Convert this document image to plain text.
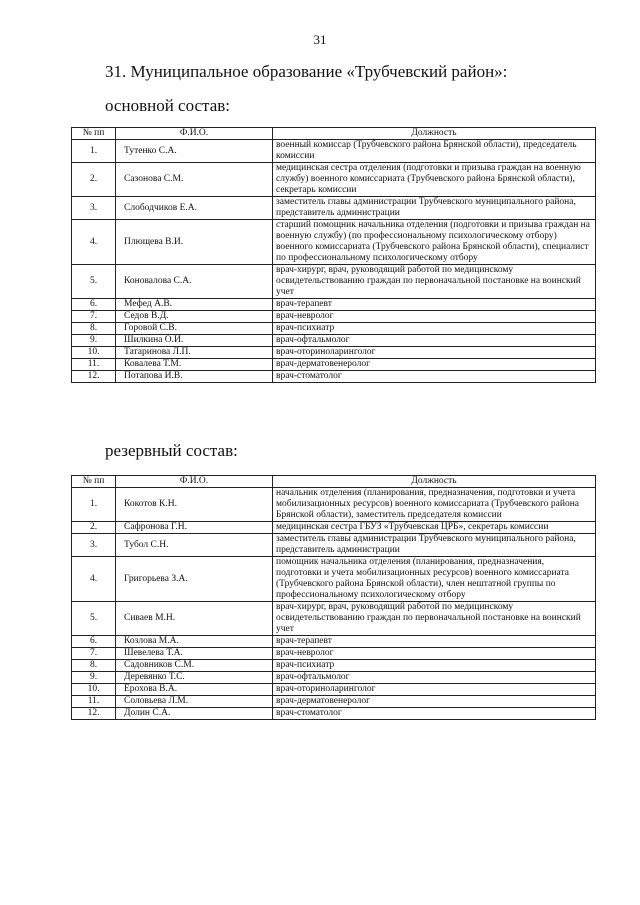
31
31. Муниципальное образование «Трубчевский район»:
основной состав:
№ пп	Ф.И.О.	Должность
1.	Тутенко С.А.	военный комиссар (Трубчевского района Брянской области), председатель комиссии
2.	Сазонова С.М.	медицинская сестра отделения (подготовки и призыва граждан на военную службу) военного комиссариата (Трубчевского района Брянской области), секретарь комиссии
3.	Слободчиков Е.А.	заместитель главы администрации Трубчевского муниципального района, представитель администрации
4.	Плющева В.И.	старший помощник начальника отделения (подготовки и призыва граждан на военную службу) (по профессиональному психологическому отбору) военного комиссариата (Трубчевского района Брянской области), специалист по профессиональному психологическому отбору
5.	Коновалова С.А.	врач-хирург, врач, руководящий работой по медицинскому освидетельствованию граждан по первоначальной постановке на воинский учет
6.	Мефед А.В.	врач-терапевт
7.	Седов В.Д.	врач-невролог
8.	Горовой С.В.	врач-психиатр
9.	Шилкина О.И.	врач-офтальмолог
10.	Татаринова Л.П.	врач-оториноларинголог
11.	Ковалева Т.М.	врач-дерматовенеролог
12.	Потапова И.В.	врач-стоматолог
резервный состав:
№ пп	Ф.И.О.	Должность
1.	Кокотов К.Н.	начальник отделения (планирования, предназначения, подготовки и учета мобилизационных ресурсов) военного комиссариата (Трубчевского района Брянской области), заместитель председателя комиссии
2.	Сафронова Г.Н.	медицинская сестра ГБУЗ «Трубчевская ЦРБ», секретарь комиссии
3.	Тубол С.Н.	заместитель главы администрации Трубчевского муниципального района, представитель администрации
4.	Григорьева З.А.	помощник начальника отделения (планирования, предназначения, подготовки и учета мобилизационных ресурсов) военного комиссариата (Трубчевского района Брянской области), член нештатной группы по профессиональному психологическому отбору
5.	Сиваев М.Н.	врач-хирург, врач, руководящий работой по медицинскому освидетельствованию граждан по первоначальной постановке на воинский учет
6.	Козлова М.А.	врач-терапевт
7.	Шевелева Т.А.	врач-невролог
8.	Садовников С.М.	врач-психиатр
9.	Деревянко Т.С.	врач-офтальмолог
10.	Ерохова В.А.	врач-оториноларинголог
11.	Соловьева Л.М.	врач-дерматовенеролог
12.	Долин С.А.	врач-стоматолог
